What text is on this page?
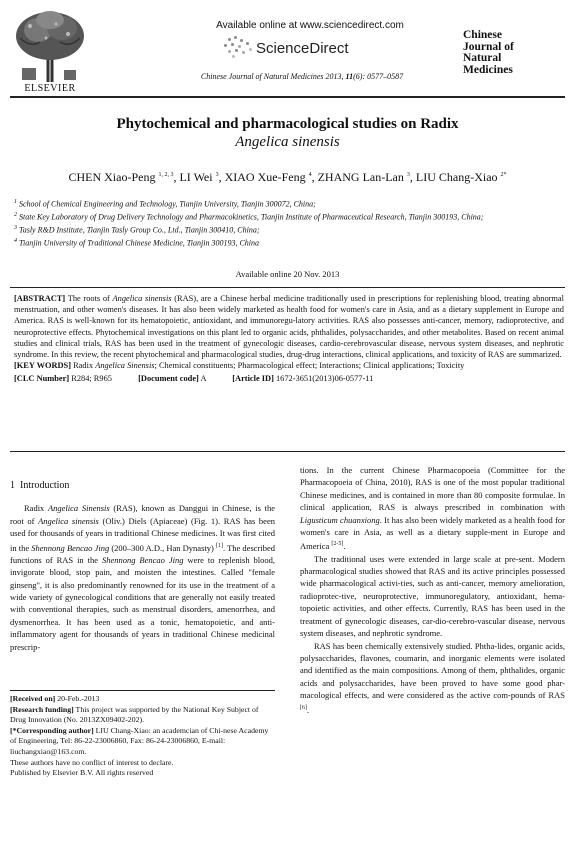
ELSEVIER
Available online at www.sciencedirect.com
ScienceDirect
Chinese Journal of Natural Medicines 2013, 11(6): 0577–0587
Chinese
Journal of
Natural
Medicines
Phytochemical and pharmacological studies on Radix
Angelica sinensis
CHEN Xiao-Peng $^{1, 2, 3}$, LI Wei $^3$, XIAO Xue-Feng $^4$, ZHANG Lan-Lan $^3$, LIU Chang-Xiao $^{2*}$
$^1$ School of Chemical Engineering and Technology, Tianjin University, Tianjin 300072, China;
$^2$ State Key Laboratory of Drug Delivery Technology and Pharmacokinetics, Tianjin Institute of Pharmaceutical Research, Tianjin 300193, China;
$^3$ Tasly R&D Institute, Tianjin Tasly Group Co., Ltd., Tianjin 300410, China;
$^4$ Tianjin University of Traditional Chinese Medicine, Tianjin 300193, China
Available online 20 Nov. 2013
[ABSTRACT] The roots of Angelica sinensis (RAS), are a Chinese herbal medicine traditionally used in prescriptions for replenishing blood, treating abnormal menstruation, and other women's diseases. It has also been widely marketed as health food for women's care in Asia, and as a dietary supplement in Europe and America. RAS is well-known for its hematopoietic, antioxidant, and immunoregu-latory activities. RAS also possesses anti-cancer, memory, radioprotective, and neuroprotective effects. Phytochemical investigations on this plant led to organic acids, phthalides, polysaccharides, and other metabolites. Based on recent animal studies and clinical trials, RAS has been used in the treatment of gynecologic diseases, cardio-cerebrovascular disease, nervous system diseases, and nephrotic syndrome. In this review, the recent phytochemical and pharmacological studies, drug-drug interactions, clinical applications, and toxicity of RAS are summarized.
[KEY WORDS] Radix Angelica Sinensis; Chemical constituents; Pharmacological effect; Interactions; Clinical applications; Toxicity
[CLC Number] R284; R965	[Document code] A	[Article ID] 1672-3651(2013)06-0577-11
1 Introduction
Radix Angelica Sinensis (RAS), known as Danggui in Chinese, is the root of Angelica sinensis (Oliv.) Diels (Apiaceae) (Fig. 1). RAS has been used for thousands of years in traditional Chinese medicines. It was first cited in the Shennong Bencao Jing (200–300 A.D., Han Dynasty) [1]. The described functions of RAS in the Shennong Bencao Jing were to replenish blood, invigorate blood, stop pain, and moisten the intestines. Called "female ginseng", it is also predominantly renowned for its use in the treatment of a wide variety of gynecological conditions that are generally not easily treated with conventional therapies, such as menstrual disorders, amenorrhea, and dysmenorrhea. It has been used as a tonic, hematopoietic, and anti-inflammatory agent for thousands of years in traditional Chinese medicinal prescrip-
[Received on] 20-Feb.-2013
[Research funding] This project was supported by the National Key Subject of Drug Innovation (No. 2013ZX09402-202).
[*Corresponding author] LIU Chang-Xiao: an academcian of Chi-nese Academy of Engineering, Tel: 86-22-23006860, Fax: 86-24-23006860, E-mail: liuchangxiao@163.com.
These authors have no conflict of interest to declare.
Published by Elsevier B.V. All rights reserved
tions. In the current Chinese Pharmacopoeia (Committee for the Pharmacopoeia of China, 2010), RAS is one of the most popular traditional Chinese medicines, and is contained in more than 80 composite formulae. In clinical application, RAS is always prescribed in combination with Ligusticum chuanxiong. It has also been widely marketed as a health food for women's care in Asia, as well as a dietary supple-ment in Europe and America [2-5].
The traditional uses were extended in large scale at pre-sent. Modern pharmacological studies showed that RAS and its active principles possessed wide pharmacological activi-ties, such as anti-cancer, memory amelioration, radioprotec-tive, neuroprotective, immunoregulatory, antioxidant, hema-topoietic activities, and other effects. Currently, RAS has been used in the treatment of gynecologic diseases, car-dio-cerebro-vascular disease, nervous system diseases, and nephrotic syndrome.
RAS has been chemically extensively studied. Phtha-lides, organic acids, polysaccharides, flavones, coumarin, and inorganic elements were isolated and identified as the main compositions. Among of them, phthalides, organic acids and polysaccharides, have been proved to have some good phar-macological effects, and were considered as the active com-pounds of RAS [6].
